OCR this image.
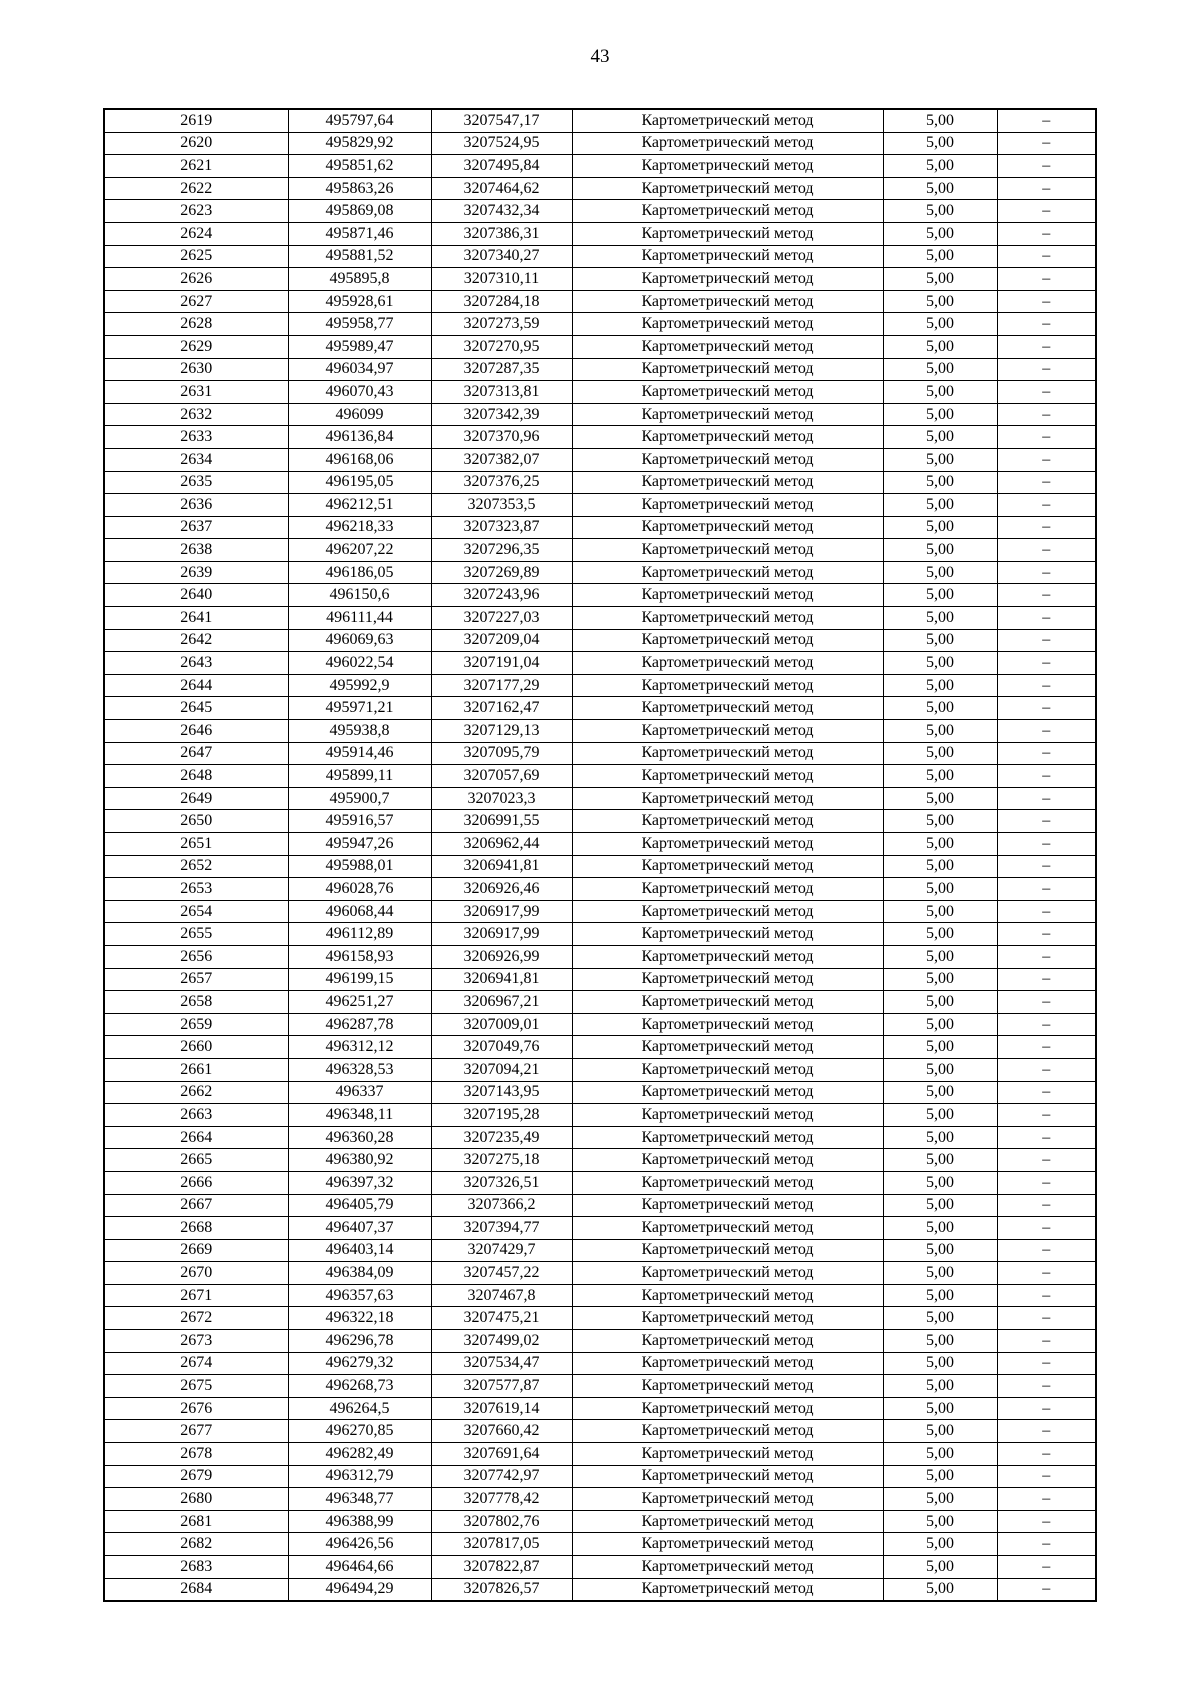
43
2619	495797,64	3207547,17	Картометрический метод	5,00	–
2620	495829,92	3207524,95	Картометрический метод	5,00	–
2621	495851,62	3207495,84	Картометрический метод	5,00	–
2622	495863,26	3207464,62	Картометрический метод	5,00	–
2623	495869,08	3207432,34	Картометрический метод	5,00	–
2624	495871,46	3207386,31	Картометрический метод	5,00	–
2625	495881,52	3207340,27	Картометрический метод	5,00	–
2626	495895,8	3207310,11	Картометрический метод	5,00	–
2627	495928,61	3207284,18	Картометрический метод	5,00	–
2628	495958,77	3207273,59	Картометрический метод	5,00	–
2629	495989,47	3207270,95	Картометрический метод	5,00	–
2630	496034,97	3207287,35	Картометрический метод	5,00	–
2631	496070,43	3207313,81	Картометрический метод	5,00	–
2632	496099	3207342,39	Картометрический метод	5,00	–
2633	496136,84	3207370,96	Картометрический метод	5,00	–
2634	496168,06	3207382,07	Картометрический метод	5,00	–
2635	496195,05	3207376,25	Картометрический метод	5,00	–
2636	496212,51	3207353,5	Картометрический метод	5,00	–
2637	496218,33	3207323,87	Картометрический метод	5,00	–
2638	496207,22	3207296,35	Картометрический метод	5,00	–
2639	496186,05	3207269,89	Картометрический метод	5,00	–
2640	496150,6	3207243,96	Картометрический метод	5,00	–
2641	496111,44	3207227,03	Картометрический метод	5,00	–
2642	496069,63	3207209,04	Картометрический метод	5,00	–
2643	496022,54	3207191,04	Картометрический метод	5,00	–
2644	495992,9	3207177,29	Картометрический метод	5,00	–
2645	495971,21	3207162,47	Картометрический метод	5,00	–
2646	495938,8	3207129,13	Картометрический метод	5,00	–
2647	495914,46	3207095,79	Картометрический метод	5,00	–
2648	495899,11	3207057,69	Картометрический метод	5,00	–
2649	495900,7	3207023,3	Картометрический метод	5,00	–
2650	495916,57	3206991,55	Картометрический метод	5,00	–
2651	495947,26	3206962,44	Картометрический метод	5,00	–
2652	495988,01	3206941,81	Картометрический метод	5,00	–
2653	496028,76	3206926,46	Картометрический метод	5,00	–
2654	496068,44	3206917,99	Картометрический метод	5,00	–
2655	496112,89	3206917,99	Картометрический метод	5,00	–
2656	496158,93	3206926,99	Картометрический метод	5,00	–
2657	496199,15	3206941,81	Картометрический метод	5,00	–
2658	496251,27	3206967,21	Картометрический метод	5,00	–
2659	496287,78	3207009,01	Картометрический метод	5,00	–
2660	496312,12	3207049,76	Картометрический метод	5,00	–
2661	496328,53	3207094,21	Картометрический метод	5,00	–
2662	496337	3207143,95	Картометрический метод	5,00	–
2663	496348,11	3207195,28	Картометрический метод	5,00	–
2664	496360,28	3207235,49	Картометрический метод	5,00	–
2665	496380,92	3207275,18	Картометрический метод	5,00	–
2666	496397,32	3207326,51	Картометрический метод	5,00	–
2667	496405,79	3207366,2	Картометрический метод	5,00	–
2668	496407,37	3207394,77	Картометрический метод	5,00	–
2669	496403,14	3207429,7	Картометрический метод	5,00	–
2670	496384,09	3207457,22	Картометрический метод	5,00	–
2671	496357,63	3207467,8	Картометрический метод	5,00	–
2672	496322,18	3207475,21	Картометрический метод	5,00	–
2673	496296,78	3207499,02	Картометрический метод	5,00	–
2674	496279,32	3207534,47	Картометрический метод	5,00	–
2675	496268,73	3207577,87	Картометрический метод	5,00	–
2676	496264,5	3207619,14	Картометрический метод	5,00	–
2677	496270,85	3207660,42	Картометрический метод	5,00	–
2678	496282,49	3207691,64	Картометрический метод	5,00	–
2679	496312,79	3207742,97	Картометрический метод	5,00	–
2680	496348,77	3207778,42	Картометрический метод	5,00	–
2681	496388,99	3207802,76	Картометрический метод	5,00	–
2682	496426,56	3207817,05	Картометрический метод	5,00	–
2683	496464,66	3207822,87	Картометрический метод	5,00	–
2684	496494,29	3207826,57	Картометрический метод	5,00	–
